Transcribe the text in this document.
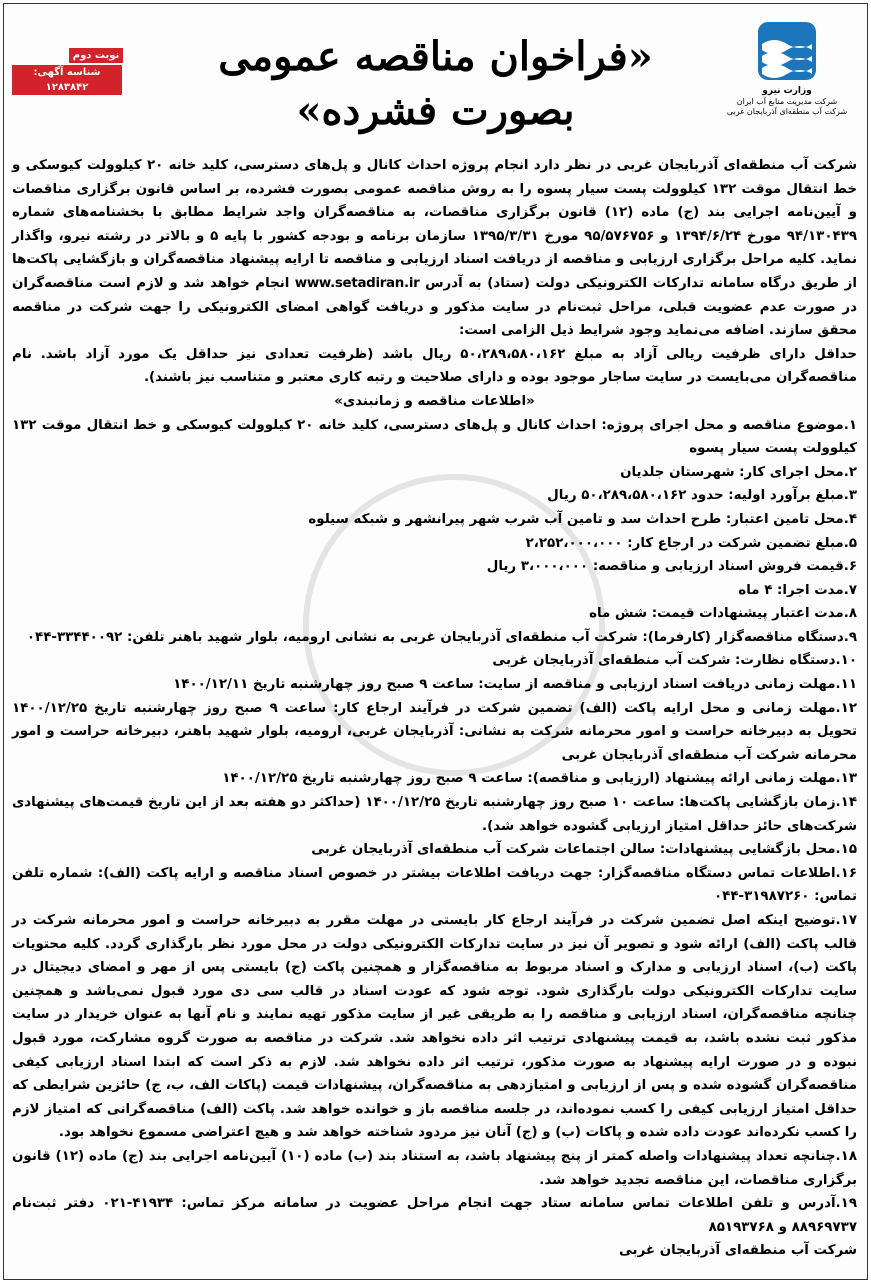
نوبت دوم
شناسه آگهی: ۱۲۸۳۸۴۲
«فراخوان مناقصه عمومی
بصورت فشرده»	وزارت نیرو
شرکت مدیریت منابع آب ایران
شرکت آب منطقه‌ای آذربایجان غربی

شرکت آب منطقه‌ای آذربایجان غربی در نظر دارد انجام پروژه احداث کانال و پل‌های دسترسی، کلید خانه ۲۰ کیلوولت کیوسکی و خط انتقال موقت ۱۳۲ کیلوولت پست سیار پسوه را به روش مناقصه عمومی بصورت فشرده، بر اساس قانون برگزاری مناقصات و آیین‌نامه اجرایی بند (ج) ماده (۱۲) قانون برگزاری مناقصات، به مناقصه‌گران واجد شرایط مطابق با بخشنامه‌های شماره ۹۴/۱۳۰۴۳۹ مورخ ۱۳۹۴/۶/۲۴ و ۹۵/۵۷۶۷۵۶ مورخ ۱۳۹۵/۳/۳۱ سازمان برنامه و بودجه کشور با پایه ۵ و بالاتر در رشته نیرو، واگذار نماید. کلیه مراحل برگزاری ارزیابی و مناقصه از دریافت اسناد ارزیابی و مناقصه تا ارایه پیشنهاد مناقصه‌گران و بازگشایی پاکت‌ها از طریق درگاه سامانه تدارکات الکترونیکی دولت (ستاد) به آدرس www.setadiran.ir انجام خواهد شد و لازم است مناقصه‌گران در صورت عدم عضویت قبلی، مراحل ثبت‌نام در سایت مذکور و دریافت گواهی امضای الکترونیکی را جهت شرکت در مناقصه محقق سازند. اضافه می‌نماید وجود شرایط ذیل الزامی است:

حداقل دارای ظرفیت ریالی آزاد به مبلغ ۵۰،۲۸۹،۵۸۰،۱۶۲ ریال باشد (ظرفیت تعدادی نیز حداقل یک مورد آزاد باشد. نام مناقصه‌گران می‌بایست در سایت ساجار موجود بوده و دارای صلاحیت و رتبه کاری معتبر و متناسب نیز باشند).

«اطلاعات مناقصه و زمانبندی»

۱.موضوع مناقصه و محل اجرای پروژه: احداث کانال و پل‌های دسترسی، کلید خانه ۲۰ کیلوولت کیوسکی و خط انتقال موقت ۱۳۲ کیلوولت پست سیار پسوه

۲.محل اجرای کار: شهرستان جلدیان

۳.مبلغ برآورد اولیه: حدود ۵۰،۲۸۹،۵۸۰،۱۶۲ ریال

۴.محل تامین اعتبار: طرح احداث سد و تامین آب شرب شهر پیرانشهر و شبکه سیلوه

۵.مبلغ تضمین شرکت در ارجاع کار: ۲،۲۵۲،۰۰۰،۰۰۰

۶.قیمت فروش اسناد ارزیابی و مناقصه: ۳،۰۰۰،۰۰۰ ریال

۷.مدت اجرا: ۴ ماه

۸.مدت اعتبار پیشنهادات قیمت: شش ماه

۹.دستگاه مناقصه‌گزار (کارفرما): شرکت آب منطقه‌ای آذربایجان غربی به نشانی ارومیه، بلوار شهید باهنر تلفن: ۳۳۴۴۰۰۹۲-۰۴۴

۱۰.دستگاه نظارت: شرکت آب منطقه‌ای آذربایجان غربی

۱۱.مهلت زمانی دریافت اسناد ارزیابی و مناقصه از سایت: ساعت ۹ صبح روز چهارشنبه تاریخ ۱۴۰۰/۱۲/۱۱

۱۲.مهلت زمانی و محل ارایه پاکت (الف) تضمین شرکت در فرآیند ارجاع کار: ساعت ۹ صبح روز چهارشنبه تاریخ ۱۴۰۰/۱۲/۲۵ تحویل به دبیرخانه حراست و امور محرمانه شرکت به نشانی: آذربایجان غربی، ارومیه، بلوار شهید باهنر، دبیرخانه حراست و امور محرمانه شرکت آب منطقه‌ای آذربایجان غربی

۱۳.مهلت زمانی ارائه پیشنهاد (ارزیابی و مناقصه): ساعت ۹ صبح روز چهارشنبه تاریخ ۱۴۰۰/۱۲/۲۵

۱۴.زمان بازگشایی پاکت‌ها: ساعت ۱۰ صبح روز چهارشنبه تاریخ ۱۴۰۰/۱۲/۲۵ (حداکثر دو هفته بعد از این تاریخ قیمت‌های پیشنهادی شرکت‌های حائز حداقل امتیاز ارزیابی گشوده خواهد شد).

۱۵.محل بازگشایی پیشنهادات: سالن اجتماعات شرکت آب منطقه‌ای آذربایجان غربی

۱۶.اطلاعات تماس دستگاه مناقصه‌گزار: جهت دریافت اطلاعات بیشتر در خصوص اسناد مناقصه و ارایه پاکت (الف): شماره تلفن تماس: ۳۱۹۸۷۲۶۰-۰۴۴

۱۷.توضیح اینکه اصل تضمین شرکت در فرآیند ارجاع کار بایستی در مهلت مقرر به دبیرخانه حراست و امور محرمانه شرکت در قالب پاکت (الف) ارائه شود و تصویر آن نیز در سایت تدارکات الکترونیکی دولت در محل مورد نظر بارگذاری گردد. کلیه محتویات پاکت (ب)، اسناد ارزیابی و مدارک و اسناد مربوط به مناقصه‌گزار و همچنین پاکت (ج) بایستی پس از مهر و امضای دیجیتال در سایت تدارکات الکترونیکی دولت بارگذاری شود. توجه شود که عودت اسناد در قالب سی دی مورد قبول نمی‌باشد و همچنین چنانچه مناقصه‌گران، اسناد ارزیابی و مناقصه را به طریقی غیر از سایت مذکور تهیه نمایند و نام آنها به عنوان خریدار در سایت مذکور ثبت نشده باشد، به قیمت پیشنهادی ترتیب اثر داده نخواهد شد. شرکت در مناقصه به صورت گروه مشارکت، مورد قبول نبوده و در صورت ارایه پیشنهاد به صورت مذکور، ترتیب اثر داده نخواهد شد. لازم به ذکر است که ابتدا اسناد ارزیابی کیفی مناقصه‌گران گشوده شده و پس از ارزیابی و امتیازدهی به مناقصه‌گران، پیشنهادات قیمت (پاکات الف، ب، ج) حائزین شرایطی که حداقل امتیاز ارزیابی کیفی را کسب نموده‌اند، در جلسه مناقصه باز و خوانده خواهد شد. پاکت (الف) مناقصه‌گرانی که امتیاز لازم را کسب نکرده‌اند عودت داده شده و پاکات (ب) و (ج) آنان نیز مردود شناخته خواهد شد و هیچ اعتراضی مسموع نخواهد بود.

۱۸.چنانچه تعداد پیشنهادات واصله کمتر از پنج پیشنهاد باشد، به استناد بند (ب) ماده (۱۰) آیین‌نامه اجرایی بند (ج) ماده (۱۲) قانون برگزاری مناقصات، این مناقصه تجدید خواهد شد.

۱۹.آدرس و تلفن اطلاعات تماس سامانه ستاد جهت انجام مراحل عضویت در سامانه مرکز تماس: ۴۱۹۳۴-۰۲۱ دفتر ثبت‌نام ۸۸۹۶۹۷۳۷ و ۸۵۱۹۳۷۶۸

شرکت آب منطقه‌ای آذربایجان غربی
